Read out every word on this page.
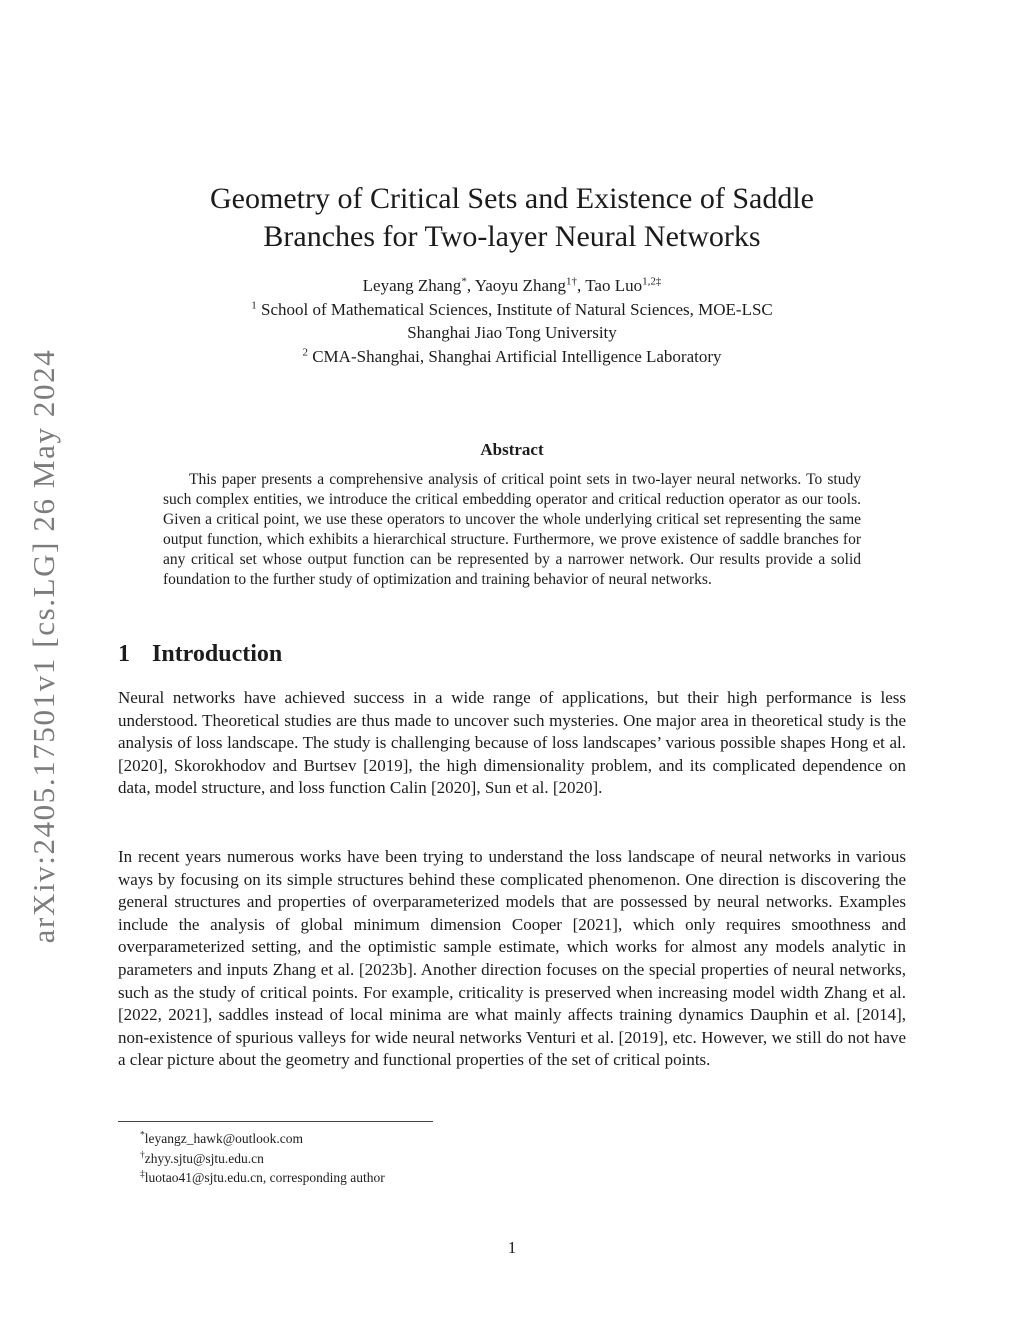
arXiv:2405.17501v1 [cs.LG] 26 May 2024
Geometry of Critical Sets and Existence of Saddle
Branches for Two-layer Neural Networks
Leyang Zhang*, Yaoyu Zhang$^{1\dagger}$, Tao Luo$^{1,2\ddagger}$
$^1$ School of Mathematical Sciences, Institute of Natural Sciences, MOE-LSC
Shanghai Jiao Tong University
$^2$ CMA-Shanghai, Shanghai Artificial Intelligence Laboratory
Abstract

This paper presents a comprehensive analysis of critical point sets in two-layer neural networks. To study such complex entities, we introduce the critical embedding operator and critical reduction operator as our tools. Given a critical point, we use these operators to uncover the whole underlying critical set representing the same output function, which exhibits a hierarchical structure. Furthermore, we prove existence of saddle branches for any critical set whose output function can be represented by a narrower network. Our results provide a solid foundation to the further study of optimization and training behavior of neural networks.

1 Introduction

Neural networks have achieved success in a wide range of applications, but their high performance is less understood. Theoretical studies are thus made to uncover such mysteries. One major area in theoretical study is the analysis of loss landscape. The study is challenging because of loss landscapes’ various possible shapes Hong et al. [2020], Skorokhodov and Burtsev [2019], the high dimensionality problem, and its complicated dependence on data, model structure, and loss function Calin [2020], Sun et al. [2020].

In recent years numerous works have been trying to understand the loss landscape of neural networks in various ways by focusing on its simple structures behind these complicated phenomenon. One direction is discovering the general structures and properties of overparameterized models that are possessed by neural networks. Examples include the analysis of global minimum dimension Cooper [2021], which only requires smoothness and overparameterized setting, and the optimistic sample estimate, which works for almost any models analytic in parameters and inputs Zhang et al. [2023b]. Another direction focuses on the special properties of neural networks, such as the study of critical points. For example, criticality is preserved when increasing model width Zhang et al. [2022, 2021], saddles instead of local minima are what mainly affects training dynamics Dauphin et al. [2014], non-existence of spurious valleys for wide neural networks Venturi et al. [2019], etc. However, we still do not have a clear picture about the geometry and functional properties of the set of critical points.

*leyangz_hawk@outlook.com
†zhyy.sjtu@sjtu.edu.cn
‡luotao41@sjtu.edu.cn, corresponding author
1
